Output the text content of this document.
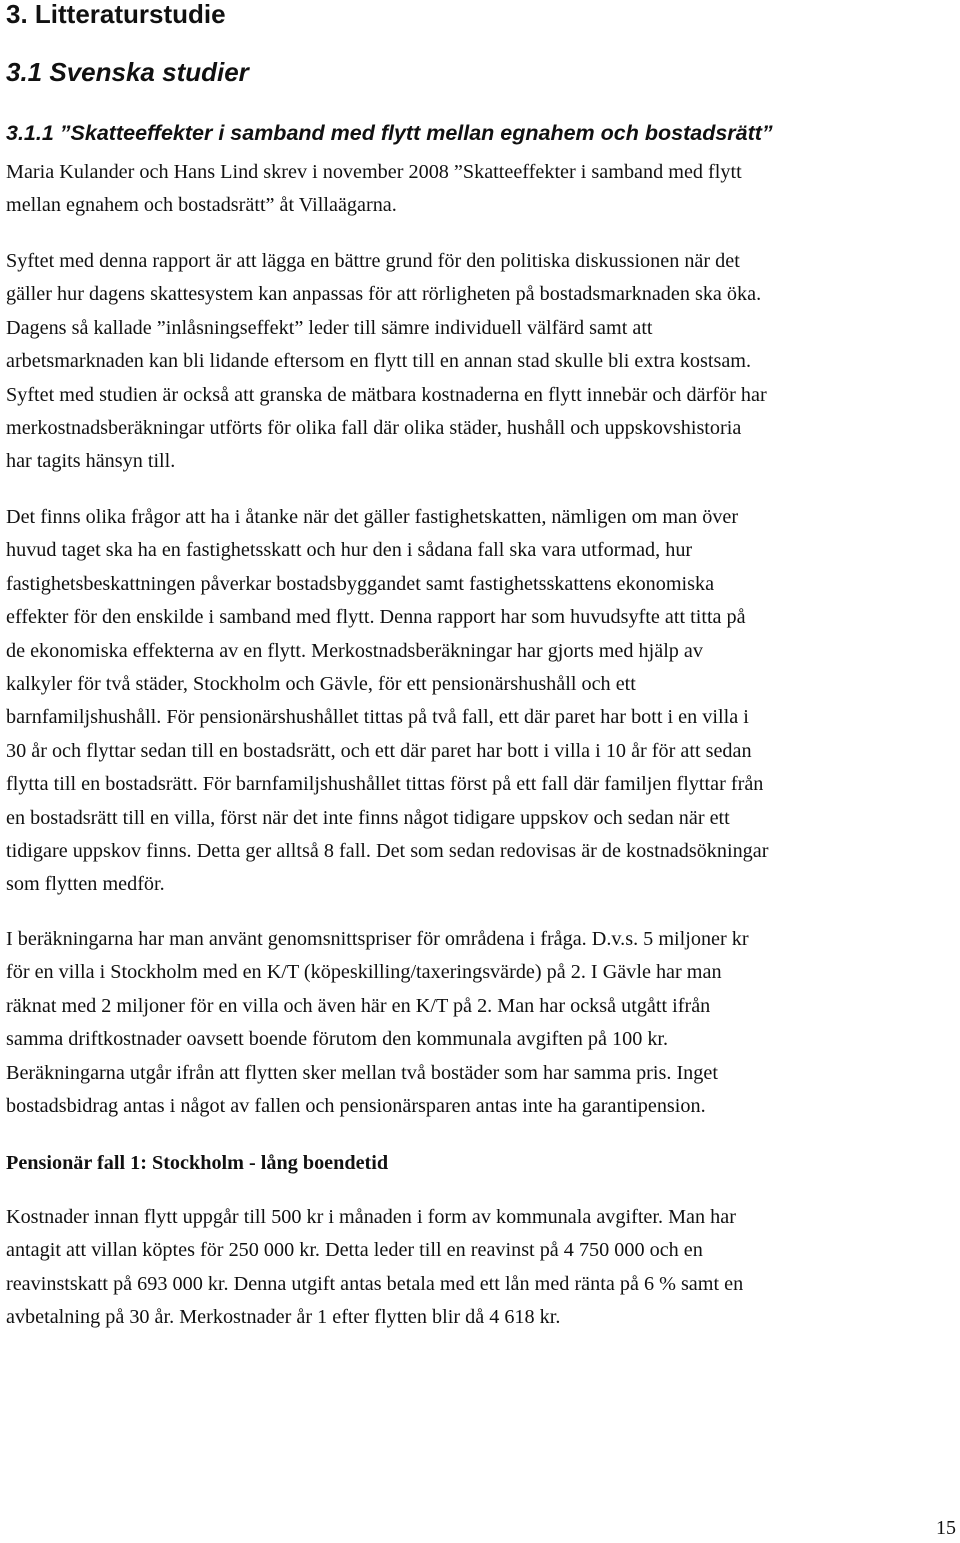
3. Litteraturstudie
3.1 Svenska studier
3.1.1 ”Skatteeffekter i samband med flytt mellan egnahem och bostadsrätt”

Maria Kulander och Hans Lind skrev i november 2008 ”Skatteeffekter i samband med flytt
mellan egnahem och bostadsrätt” åt Villaägarna.

Syftet med denna rapport är att lägga en bättre grund för den politiska diskussionen när det
gäller hur dagens skattesystem kan anpassas för att rörligheten på bostadsmarknaden ska öka.
Dagens så kallade ”inlåsningseffekt” leder till sämre individuell välfärd samt att
arbetsmarknaden kan bli lidande eftersom en flytt till en annan stad skulle bli extra kostsam.
Syftet med studien är också att granska de mätbara kostnaderna en flytt innebär och därför har
merkostnadsberäkningar utförts för olika fall där olika städer, hushåll och uppskovshistoria
har tagits hänsyn till.

Det finns olika frågor att ha i åtanke när det gäller fastighetskatten, nämligen om man över
huvud taget ska ha en fastighetsskatt och hur den i sådana fall ska vara utformad, hur
fastighetsbeskattningen påverkar bostadsbyggandet samt fastighetsskattens ekonomiska
effekter för den enskilde i samband med flytt. Denna rapport har som huvudsyfte att titta på
de ekonomiska effekterna av en flytt. Merkostnadsberäkningar har gjorts med hjälp av
kalkyler för två städer, Stockholm och Gävle, för ett pensionärshushåll och ett
barnfamiljshushåll. För pensionärshushållet tittas på två fall, ett där paret har bott i en villa i
30 år och flyttar sedan till en bostadsrätt, och ett där paret har bott i villa i 10 år för att sedan
flytta till en bostadsrätt. För barnfamiljshushållet tittas först på ett fall där familjen flyttar från
en bostadsrätt till en villa, först när det inte finns något tidigare uppskov och sedan när ett
tidigare uppskov finns. Detta ger alltså 8 fall. Det som sedan redovisas är de kostnadsökningar
som flytten medför.

I beräkningarna har man använt genomsnittspriser för områdena i fråga. D.v.s. 5 miljoner kr
för en villa i Stockholm med en K/T (köpeskilling/taxeringsvärde) på 2. I Gävle har man
räknat med 2 miljoner för en villa och även här en K/T på 2. Man har också utgått ifrån
samma driftkostnader oavsett boende förutom den kommunala avgiften på 100 kr.
Beräkningarna utgår ifrån att flytten sker mellan två bostäder som har samma pris. Inget
bostadsbidrag antas i något av fallen och pensionärsparen antas inte ha garantipension.

Pensionär fall 1: Stockholm - lång boendetid

Kostnader innan flytt uppgår till 500 kr i månaden i form av kommunala avgifter. Man har
antagit att villan köptes för 250 000 kr. Detta leder till en reavinst på 4 750 000 och en
reavinstskatt på 693 000 kr. Denna utgift antas betala med ett lån med ränta på 6 % samt en
avbetalning på 30 år. Merkostnader år 1 efter flytten blir då 4 618 kr.

15
